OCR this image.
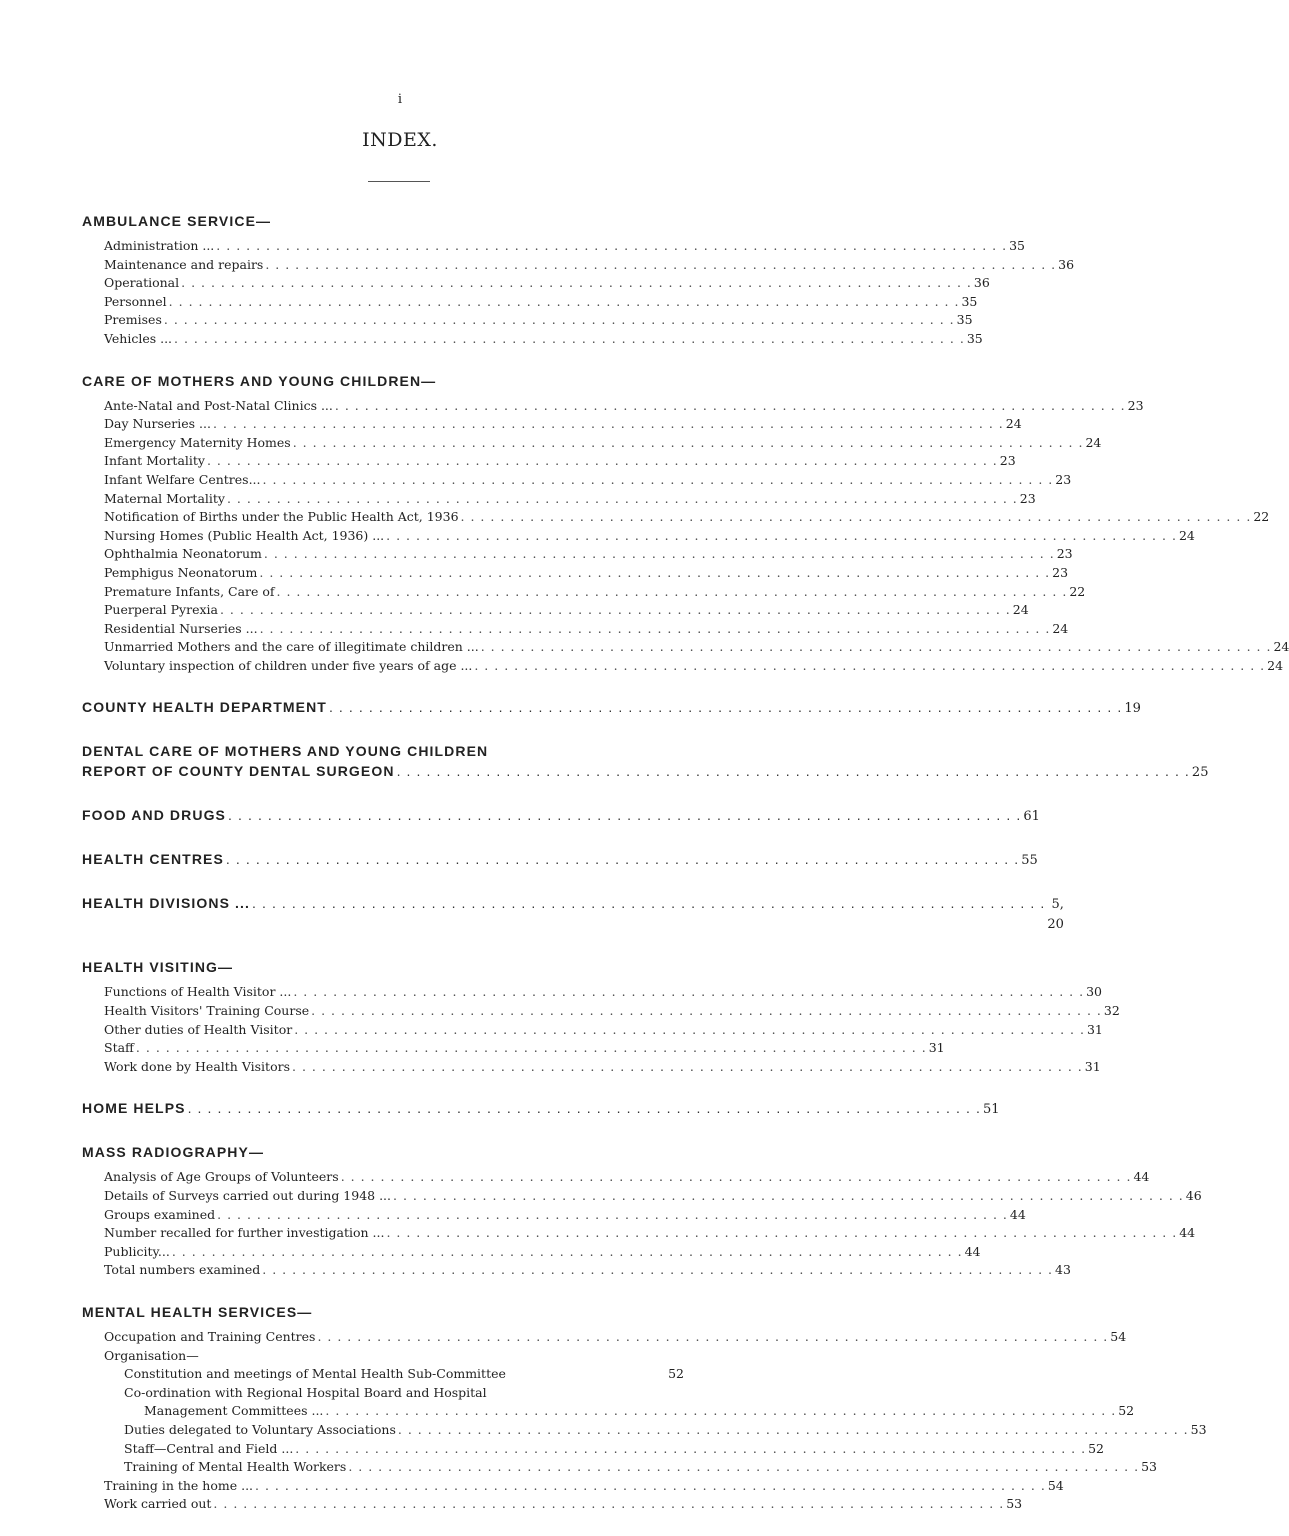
i
INDEX.
AMBULANCE SERVICE—
Administration ... . . . . . . . . . . . . . . . . . . . . . . . . . . . . . . . . . . . . . . . . . . . . . . . . . . . . . . . . . . . . . . . . . . . . . . . . . . . . . . . . 35
Maintenance and repairs . . . . . . . . . . . . . . . . . . . . . . . . . . . . . . . . . . . . . . . . . . . . . . . . . . . . . . . . . . . . . . . . . . . . . . . . . . . . . . . . 36
Operational . . . . . . . . . . . . . . . . . . . . . . . . . . . . . . . . . . . . . . . . . . . . . . . . . . . . . . . . . . . . . . . . . . . . . . . . . . . . . . . . 36
Personnel . . . . . . . . . . . . . . . . . . . . . . . . . . . . . . . . . . . . . . . . . . . . . . . . . . . . . . . . . . . . . . . . . . . . . . . . . . . . . . . . 35
Premises . . . . . . . . . . . . . . . . . . . . . . . . . . . . . . . . . . . . . . . . . . . . . . . . . . . . . . . . . . . . . . . . . . . . . . . . . . . . . . . . 35
Vehicles ... . . . . . . . . . . . . . . . . . . . . . . . . . . . . . . . . . . . . . . . . . . . . . . . . . . . . . . . . . . . . . . . . . . . . . . . . . . . . . . . . 35
CARE OF MOTHERS AND YOUNG CHILDREN—
Ante-Natal and Post-Natal Clinics ... . . . . . . . . . . . . . . . . . . . . . . . . . . . . . . . . . . . . . . . . . . . . . . . . . . . . . . . . . . . . . . . . . . . . . . . . . . . . . . . . 23
Day Nurseries ... . . . . . . . . . . . . . . . . . . . . . . . . . . . . . . . . . . . . . . . . . . . . . . . . . . . . . . . . . . . . . . . . . . . . . . . . . . . . . . . . 24
Emergency Maternity Homes . . . . . . . . . . . . . . . . . . . . . . . . . . . . . . . . . . . . . . . . . . . . . . . . . . . . . . . . . . . . . . . . . . . . . . . . . . . . . . . . 24
Infant Mortality . . . . . . . . . . . . . . . . . . . . . . . . . . . . . . . . . . . . . . . . . . . . . . . . . . . . . . . . . . . . . . . . . . . . . . . . . . . . . . . . 23
Infant Welfare Centres... . . . . . . . . . . . . . . . . . . . . . . . . . . . . . . . . . . . . . . . . . . . . . . . . . . . . . . . . . . . . . . . . . . . . . . . . . . . . . . . . 23
Maternal Mortality . . . . . . . . . . . . . . . . . . . . . . . . . . . . . . . . . . . . . . . . . . . . . . . . . . . . . . . . . . . . . . . . . . . . . . . . . . . . . . . . 23
Notification of Births under the Public Health Act, 1936 . . . . . . . . . . . . . . . . . . . . . . . . . . . . . . . . . . . . . . . . . . . . . . . . . . . . . . . . . . . . . . . . . . . . . . . . . . . . . . . . 22
Nursing Homes (Public Health Act, 1936) ... . . . . . . . . . . . . . . . . . . . . . . . . . . . . . . . . . . . . . . . . . . . . . . . . . . . . . . . . . . . . . . . . . . . . . . . . . . . . . . . . 24
Ophthalmia Neonatorum . . . . . . . . . . . . . . . . . . . . . . . . . . . . . . . . . . . . . . . . . . . . . . . . . . . . . . . . . . . . . . . . . . . . . . . . . . . . . . . . 23
Pemphigus Neonatorum . . . . . . . . . . . . . . . . . . . . . . . . . . . . . . . . . . . . . . . . . . . . . . . . . . . . . . . . . . . . . . . . . . . . . . . . . . . . . . . . 23
Premature Infants, Care of . . . . . . . . . . . . . . . . . . . . . . . . . . . . . . . . . . . . . . . . . . . . . . . . . . . . . . . . . . . . . . . . . . . . . . . . . . . . . . . . 22
Puerperal Pyrexia . . . . . . . . . . . . . . . . . . . . . . . . . . . . . . . . . . . . . . . . . . . . . . . . . . . . . . . . . . . . . . . . . . . . . . . . . . . . . . . . 24
Residential Nurseries ... . . . . . . . . . . . . . . . . . . . . . . . . . . . . . . . . . . . . . . . . . . . . . . . . . . . . . . . . . . . . . . . . . . . . . . . . . . . . . . . . 24
Unmarried Mothers and the care of illegitimate children ... . . . . . . . . . . . . . . . . . . . . . . . . . . . . . . . . . . . . . . . . . . . . . . . . . . . . . . . . . . . . . . . . . . . . . . . . . . . . . . . . 24
Voluntary inspection of children under five years of age ... . . . . . . . . . . . . . . . . . . . . . . . . . . . . . . . . . . . . . . . . . . . . . . . . . . . . . . . . . . . . . . . . . . . . . . . . . . . . . . . . 24
COUNTY HEALTH DEPARTMENT . . . . . . . . . . . . . . . . . . . . . . . . . . . . . . . . . . . . . . . . . . . . . . . . . . . . . . . . . . . . . . . . . . . . . . . . . . . . . . . . 19
DENTAL CARE OF MOTHERS AND YOUNG CHILDREN
REPORT OF COUNTY DENTAL SURGEON . . . . . . . . . . . . . . . . . . . . . . . . . . . . . . . . . . . . . . . . . . . . . . . . . . . . . . . . . . . . . . . . . . . . . . . . . . . . . . . . 25
FOOD AND DRUGS . . . . . . . . . . . . . . . . . . . . . . . . . . . . . . . . . . . . . . . . . . . . . . . . . . . . . . . . . . . . . . . . . . . . . . . . . . . . . . . . 61
HEALTH CENTRES . . . . . . . . . . . . . . . . . . . . . . . . . . . . . . . . . . . . . . . . . . . . . . . . . . . . . . . . . . . . . . . . . . . . . . . . . . . . . . . . 55
HEALTH DIVISIONS ... . . . . . . . . . . . . . . . . . . . . . . . . . . . . . . . . . . . . . . . . . . . . . . . . . . . . . . . . . . . . . . . . . . . . . . . . . . . . . . . . 5, 20
HEALTH VISITING—
Functions of Health Visitor ... . . . . . . . . . . . . . . . . . . . . . . . . . . . . . . . . . . . . . . . . . . . . . . . . . . . . . . . . . . . . . . . . . . . . . . . . . . . . . . . . 30
Health Visitors' Training Course . . . . . . . . . . . . . . . . . . . . . . . . . . . . . . . . . . . . . . . . . . . . . . . . . . . . . . . . . . . . . . . . . . . . . . . . . . . . . . . . 32
Other duties of Health Visitor . . . . . . . . . . . . . . . . . . . . . . . . . . . . . . . . . . . . . . . . . . . . . . . . . . . . . . . . . . . . . . . . . . . . . . . . . . . . . . . . 31
Staff . . . . . . . . . . . . . . . . . . . . . . . . . . . . . . . . . . . . . . . . . . . . . . . . . . . . . . . . . . . . . . . . . . . . . . . . . . . . . . . . 31
Work done by Health Visitors . . . . . . . . . . . . . . . . . . . . . . . . . . . . . . . . . . . . . . . . . . . . . . . . . . . . . . . . . . . . . . . . . . . . . . . . . . . . . . . . 31
HOME HELPS . . . . . . . . . . . . . . . . . . . . . . . . . . . . . . . . . . . . . . . . . . . . . . . . . . . . . . . . . . . . . . . . . . . . . . . . . . . . . . . . 51
MASS RADIOGRAPHY—
Analysis of Age Groups of Volunteers . . . . . . . . . . . . . . . . . . . . . . . . . . . . . . . . . . . . . . . . . . . . . . . . . . . . . . . . . . . . . . . . . . . . . . . . . . . . . . . . 44
Details of Surveys carried out during 1948 ... . . . . . . . . . . . . . . . . . . . . . . . . . . . . . . . . . . . . . . . . . . . . . . . . . . . . . . . . . . . . . . . . . . . . . . . . . . . . . . . . 46
Groups examined . . . . . . . . . . . . . . . . . . . . . . . . . . . . . . . . . . . . . . . . . . . . . . . . . . . . . . . . . . . . . . . . . . . . . . . . . . . . . . . . 44
Number recalled for further investigation ... . . . . . . . . . . . . . . . . . . . . . . . . . . . . . . . . . . . . . . . . . . . . . . . . . . . . . . . . . . . . . . . . . . . . . . . . . . . . . . . . 44
Publicity... . . . . . . . . . . . . . . . . . . . . . . . . . . . . . . . . . . . . . . . . . . . . . . . . . . . . . . . . . . . . . . . . . . . . . . . . . . . . . . . . 44
Total numbers examined . . . . . . . . . . . . . . . . . . . . . . . . . . . . . . . . . . . . . . . . . . . . . . . . . . . . . . . . . . . . . . . . . . . . . . . . . . . . . . . . 43
MENTAL HEALTH SERVICES—
Occupation and Training Centres . . . . . . . . . . . . . . . . . . . . . . . . . . . . . . . . . . . . . . . . . . . . . . . . . . . . . . . . . . . . . . . . . . . . . . . . . . . . . . . . 54
Organisation—
Constitution and meetings of Mental Health Sub-Committee	52
Co-ordination with Regional Hospital Board and Hospital
Management Committees ... . . . . . . . . . . . . . . . . . . . . . . . . . . . . . . . . . . . . . . . . . . . . . . . . . . . . . . . . . . . . . . . . . . . . . . . . . . . . . . . . 52
Duties delegated to Voluntary Associations . . . . . . . . . . . . . . . . . . . . . . . . . . . . . . . . . . . . . . . . . . . . . . . . . . . . . . . . . . . . . . . . . . . . . . . . . . . . . . . . 53
Staff—Central and Field ... . . . . . . . . . . . . . . . . . . . . . . . . . . . . . . . . . . . . . . . . . . . . . . . . . . . . . . . . . . . . . . . . . . . . . . . . . . . . . . . . 52
Training of Mental Health Workers . . . . . . . . . . . . . . . . . . . . . . . . . . . . . . . . . . . . . . . . . . . . . . . . . . . . . . . . . . . . . . . . . . . . . . . . . . . . . . . . 53
Training in the home ... . . . . . . . . . . . . . . . . . . . . . . . . . . . . . . . . . . . . . . . . . . . . . . . . . . . . . . . . . . . . . . . . . . . . . . . . . . . . . . . . 54
Work carried out . . . . . . . . . . . . . . . . . . . . . . . . . . . . . . . . . . . . . . . . . . . . . . . . . . . . . . . . . . . . . . . . . . . . . . . . . . . . . . . . 53
